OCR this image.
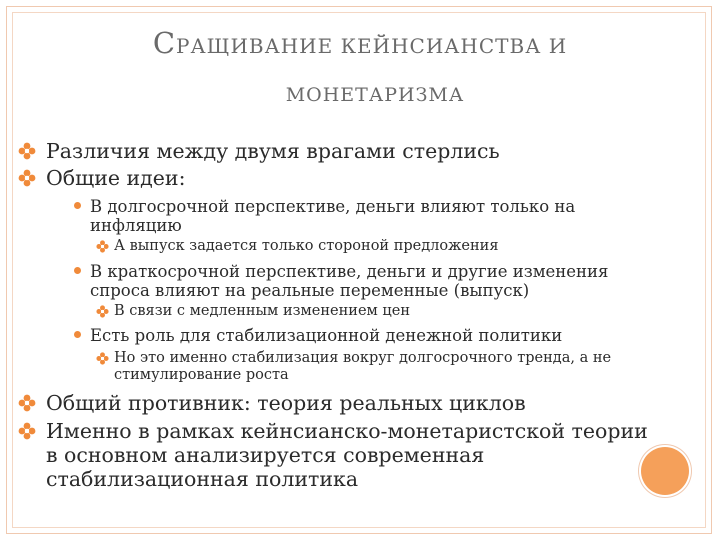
СРАЩИВАНИЕ КЕЙНСИАНСТВА И
МОНЕТАРИЗМА
Различия между двумя врагами стерлись
Общие идеи:
В долгосрочной перспективе, деньги влияют только на
инфляцию
А выпуск задается только стороной предложения
В краткосрочной перспективе, деньги и другие изменения
спроса влияют на реальные переменные (выпуск)
В связи с медленным изменением цен
Есть роль для стабилизационной денежной политики
Но это именно стабилизация вокруг долгосрочного тренда, а не
стимулирование роста
Общий противник: теория реальных циклов
Именно в рамках кейнсианско-монетаристской теории
в основном анализируется современная
стабилизационная политика
